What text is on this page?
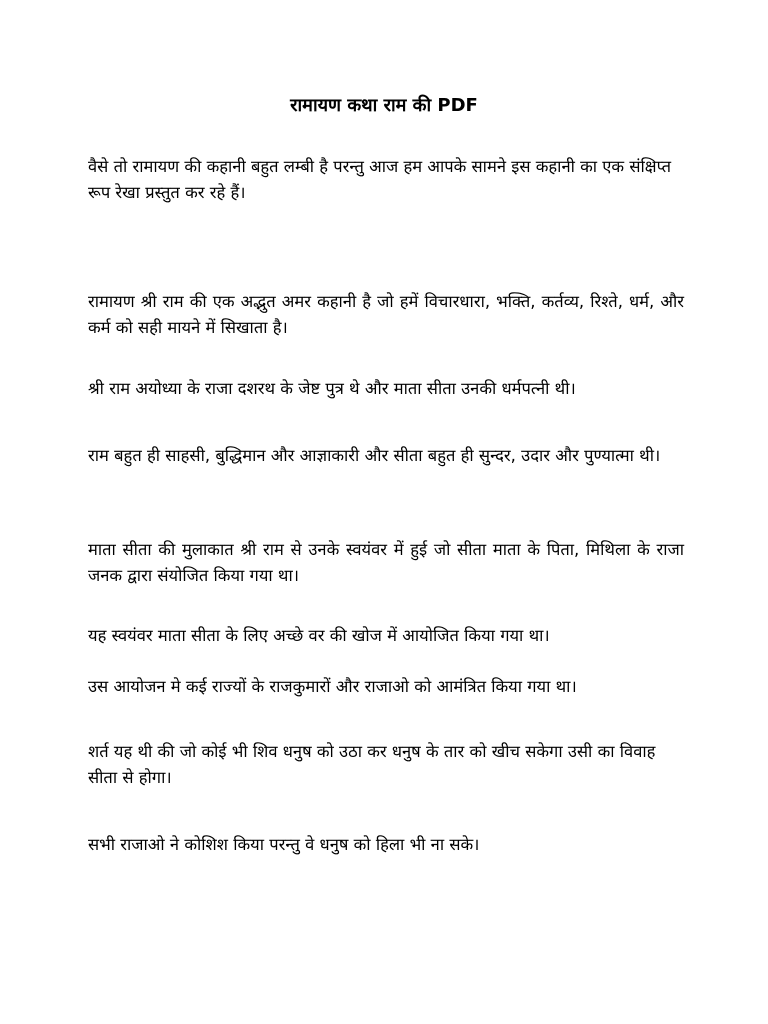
रामायण कथा राम की PDF

वैसे तो रामायण की कहानी बहुत लम्बी है परन्तु आज हम आपके सामने इस कहानी का एक संक्षिप्त रूप रेखा प्रस्तुत कर रहे हैं।

रामायण श्री राम की एक अद्भुत अमर कहानी है जो हमें विचारधारा, भक्ति, कर्तव्य, रिश्ते, धर्म, और कर्म को सही मायने में सिखाता है।

श्री राम अयोध्या के राजा दशरथ के जेष्ट पुत्र थे और माता सीता उनकी धर्मपत्नी थी।

राम बहुत ही साहसी, बुद्धिमान और आज्ञाकारी और सीता बहुत ही सुन्दर, उदार और पुण्यात्मा थी।

माता सीता की मुलाकात श्री राम से उनके स्वयंवर में हुई जो सीता माता के पिता, मिथिला के राजा जनक द्वारा संयोजित किया गया था।

यह स्वयंवर माता सीता के लिए अच्छे वर की खोज में आयोजित किया गया था।

उस आयोजन मे कई राज्यों के राजकुमारों और राजाओ को आमंत्रित किया गया था।

शर्त यह थी की जो कोई भी शिव धनुष को उठा कर धनुष के तार को खीच सकेगा उसी का विवाह सीता से होगा।

सभी राजाओ ने कोशिश किया परन्तु वे धनुष को हिला भी ना सके।
